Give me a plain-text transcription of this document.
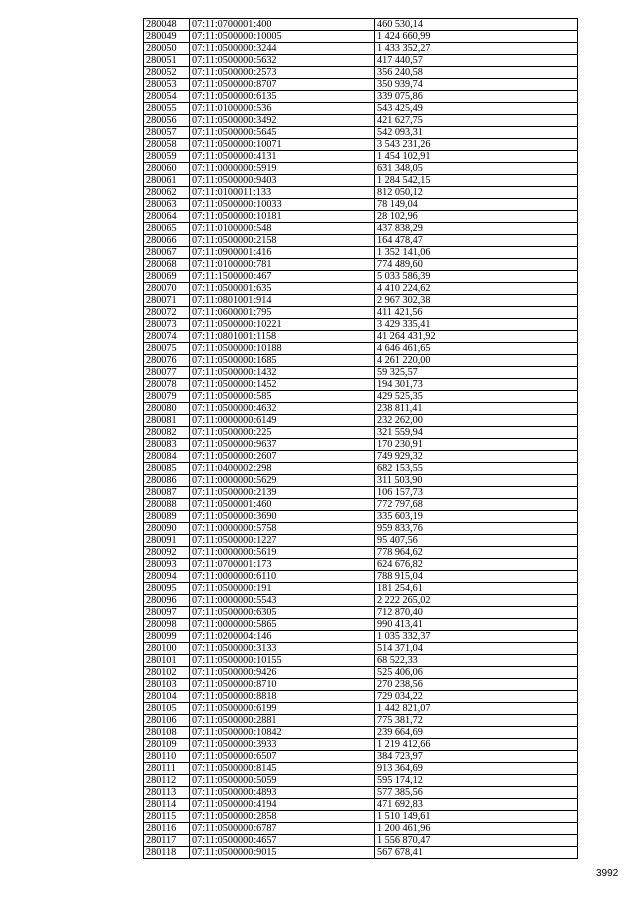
280048	07:11:0700001:400	460 530,14
280049	07:11:0500000:10005	1 424 660,99
280050	07:11:0500000:3244	1 433 352,27
280051	07:11:0500000:5632	417 440,57
280052	07:11:0500000:2573	356 240,58
280053	07:11:0500000:8707	350 939,74
280054	07:11:0500000:6135	339 075,86
280055	07:11:0100000:536	543 425,49
280056	07:11:0500000:3492	421 627,75
280057	07:11:0500000:5645	542 093,31
280058	07:11:0500000:10071	3 543 231,26
280059	07:11:0500000:4131	1 454 102,91
280060	07:11:0000000:5919	631 348,05
280061	07:11:0500000:9403	1 284 542,15
280062	07:11:0100011:133	812 050,12
280063	07:11:0500000:10033	78 149,04
280064	07:11:0500000:10181	28 102,96
280065	07:11:0100000:548	437 838,29
280066	07:11:0500000:2158	164 478,47
280067	07:11:0900001:416	1 352 141,06
280068	07:11:0100000:781	774 489,60
280069	07:11:1500000:467	5 033 586,39
280070	07:11:0500001:635	4 410 224,62
280071	07:11:0801001:914	2 967 302,38
280072	07:11:0600001:795	411 421,56
280073	07:11:0500000:10221	3 429 335,41
280074	07:11:0801001:1158	41 264 431,92
280075	07:11:0500000:10188	4 646 461,65
280076	07:11:0500000:1685	4 261 220,00
280077	07:11:0500000:1432	59 325,57
280078	07:11:0500000:1452	194 301,73
280079	07:11:0500000:585	429 525,35
280080	07:11:0500000:4632	238 811,41
280081	07:11:0000000:6149	232 262,00
280082	07:11:0500000:225	321 559,94
280083	07:11:0500000:9637	170 230,91
280084	07:11:0500000:2607	749 929,32
280085	07:11:0400002:298	682 153,55
280086	07:11:0000000:5629	311 503,90
280087	07:11:0500000:2139	106 157,73
280088	07:11:0500001:460	772 797,68
280089	07:11:0500000:3690	335 603,19
280090	07:11:0000000:5758	959 833,76
280091	07:11:0500000:1227	95 407,56
280092	07:11:0000000:5619	778 964,62
280093	07:11:0700001:173	624 676,82
280094	07:11:0000000:6110	788 915,04
280095	07:11:0500000:191	181 254,61
280096	07:11:0000000:5543	2 222 265,02
280097	07:11:0500000:6305	712 870,40
280098	07:11:0000000:5865	990 413,41
280099	07:11:0200004:146	1 035 332,37
280100	07:11:0500000:3133	514 371,04
280101	07:11:0500000:10155	68 522,33
280102	07:11:0500000:9426	525 406,06
280103	07:11:0500000:8710	270 238,56
280104	07:11:0500000:8818	729 034,22
280105	07:11:0500000:6199	1 442 821,07
280106	07:11:0500000:2881	775 381,72
280108	07:11:0500000:10842	239 664,69
280109	07:11:0500000:3933	1 219 412,66
280110	07:11:0500000:6507	384 723,97
280111	07:11:0500000:8145	913 364,69
280112	07:11:0500000:5059	595 174,12
280113	07:11:0500000:4893	577 385,56
280114	07:11:0500000:4194	471 692,83
280115	07:11:0500000:2858	1 510 149,61
280116	07:11:0500000:6787	1 200 461,96
280117	07:11:0500000:4657	1 556 870,47
280118	07:11:0500000:9015	567 678,41
3992
